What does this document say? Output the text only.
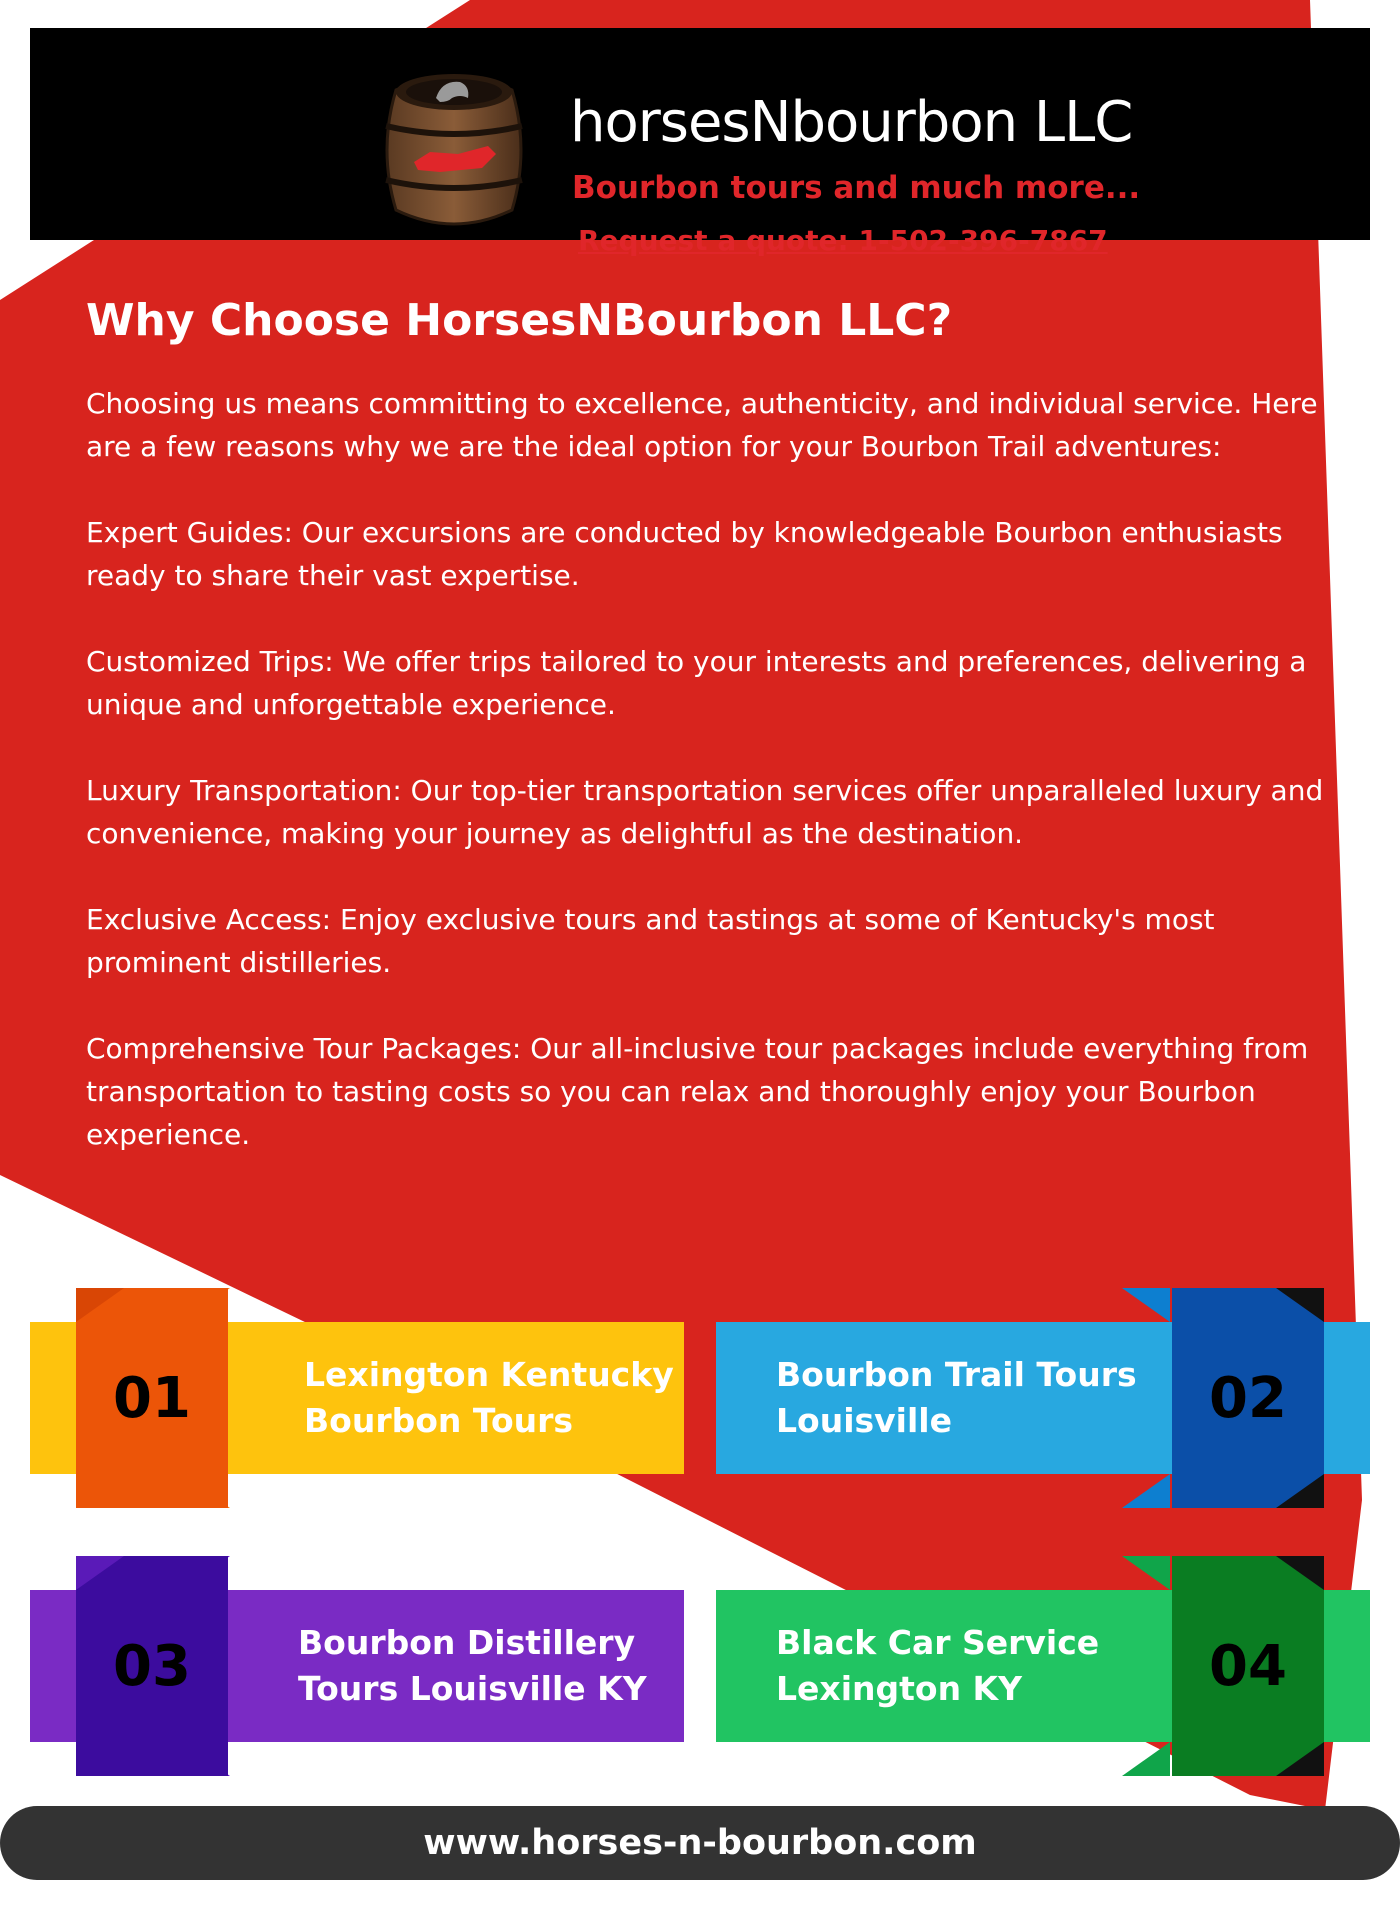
horsesNbourbon LLC
Bourbon tours and much more...
Request a quote: 1-502-396-7867
Why Choose HorsesNBourbon LLC?

Choosing us means committing to excellence, authenticity, and individual service. Here are a few reasons why we are the ideal option for your Bourbon Trail adventures:

Expert Guides: Our excursions are conducted by knowledgeable Bourbon enthusiasts ready to share their vast expertise.

Customized Trips: We offer trips tailored to your interests and preferences, delivering a unique and unforgettable experience.

Luxury Transportation: Our top-tier transportation services offer unparalleled luxury and convenience, making your journey as delightful as the destination.

Exclusive Access: Enjoy exclusive tours and tastings at some of Kentucky's most prominent distilleries.

Comprehensive Tour Packages: Our all-inclusive tour packages include everything from transportation to tasting costs so you can relax and thoroughly enjoy your Bourbon experience.

01	Lexington Kentucky
Bourbon Tours	02
Bourbon Trail Tours
Louisville
03	Bourbon Distillery
Tours Louisville KY	04
Black Car Service
Lexington KY
www.horses-n-bourbon.com
